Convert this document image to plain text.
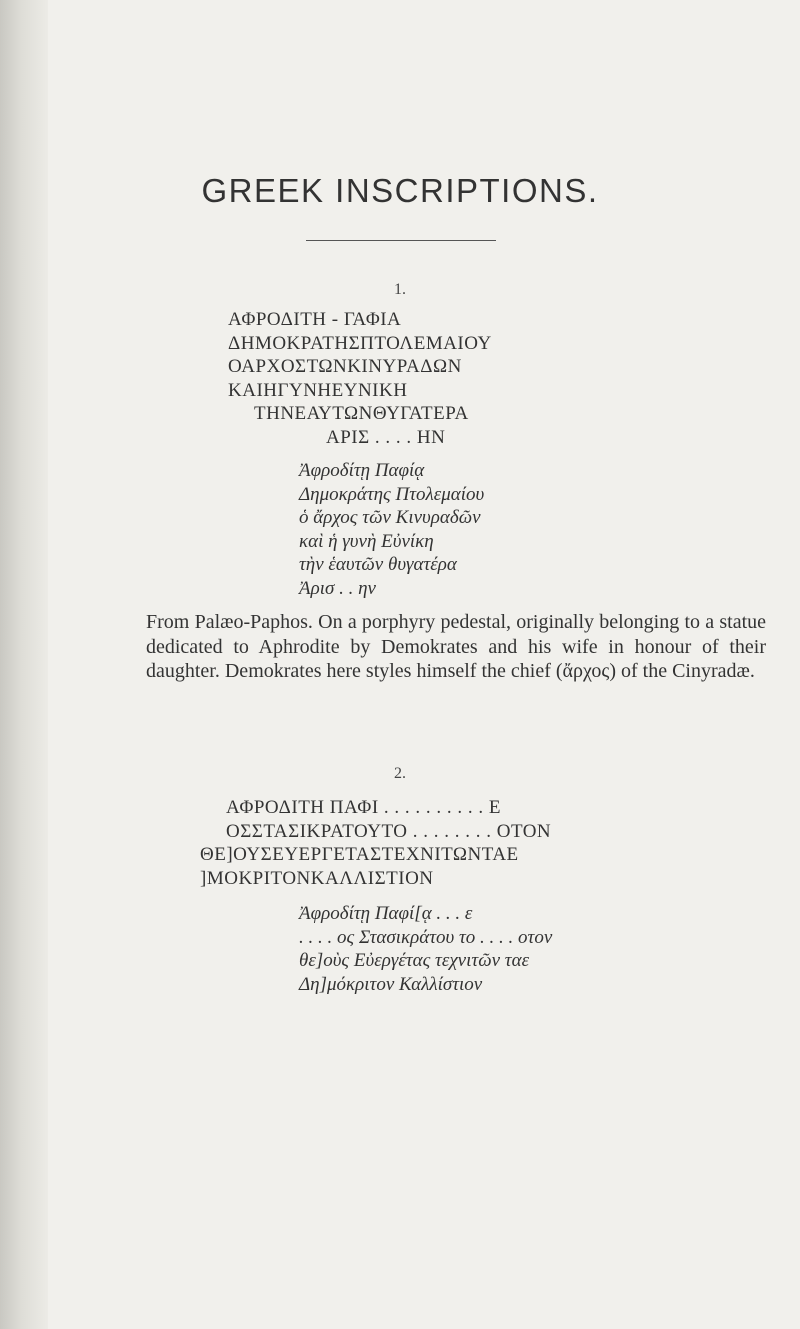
GREEK INSCRIPTIONS.
1.
ΑΦΡΟΔΙΤΗ - ΓΑΦΙΑ
ΔΗΜΟΚΡΑΤΗΣΠΤΟΛΕΜΑΙΟΥ
ΟΑΡΧΟΣΤΩΝΚΙΝΥΡΑΔΩΝ
ΚΑΙΗΓΥΝΗΕΥΝΙΚΗ
ΤΗΝΕΑΥΤΩΝΘΥΓΑΤΕΡΑ
ΑΡΙΣ . . . . ΗΝ
Ἀφροδίτῃ Παφίᾳ
Δημοκράτης Πτολεμαίου
ὁ ἄρχος τῶν Κινυραδῶν
καὶ ἡ γυνὴ Εὐνίκη
τὴν ἑαυτῶν θυγατέρα
Ἀρισ . . ην

From Palæo-Paphos. On a porphyry pedestal, originally belonging to a statue dedicated to Aphrodite by Demokrates and his wife in honour of their daughter. Demokrates here styles himself the chief (ἄρχος) of the Cinyradæ.

2.
ΑΦΡΟΔΙΤΗ ΠΑΦΙ . . . . . . . . . . Ε
ΟΣΣΤΑΣΙΚΡΑΤΟΥΤΟ . . . . . . . . ΟΤΟΝ
ΘΕ]ΟΥΣΕΥΕΡΓΕΤΑΣΤΕΧΝΙΤΩΝΤΑΕ
]ΜΟΚΡΙΤΟΝΚΑΛΛΙΣΤΙΟΝ
Ἀφροδίτῃ Παφί[ᾳ . . . ε
. . . . ος Στασικράτου το . . . . οτον
θε]οὺς Εὐεργέτας τεχνιτῶν ταε
Δη]μόκριτον Καλλίστιον
